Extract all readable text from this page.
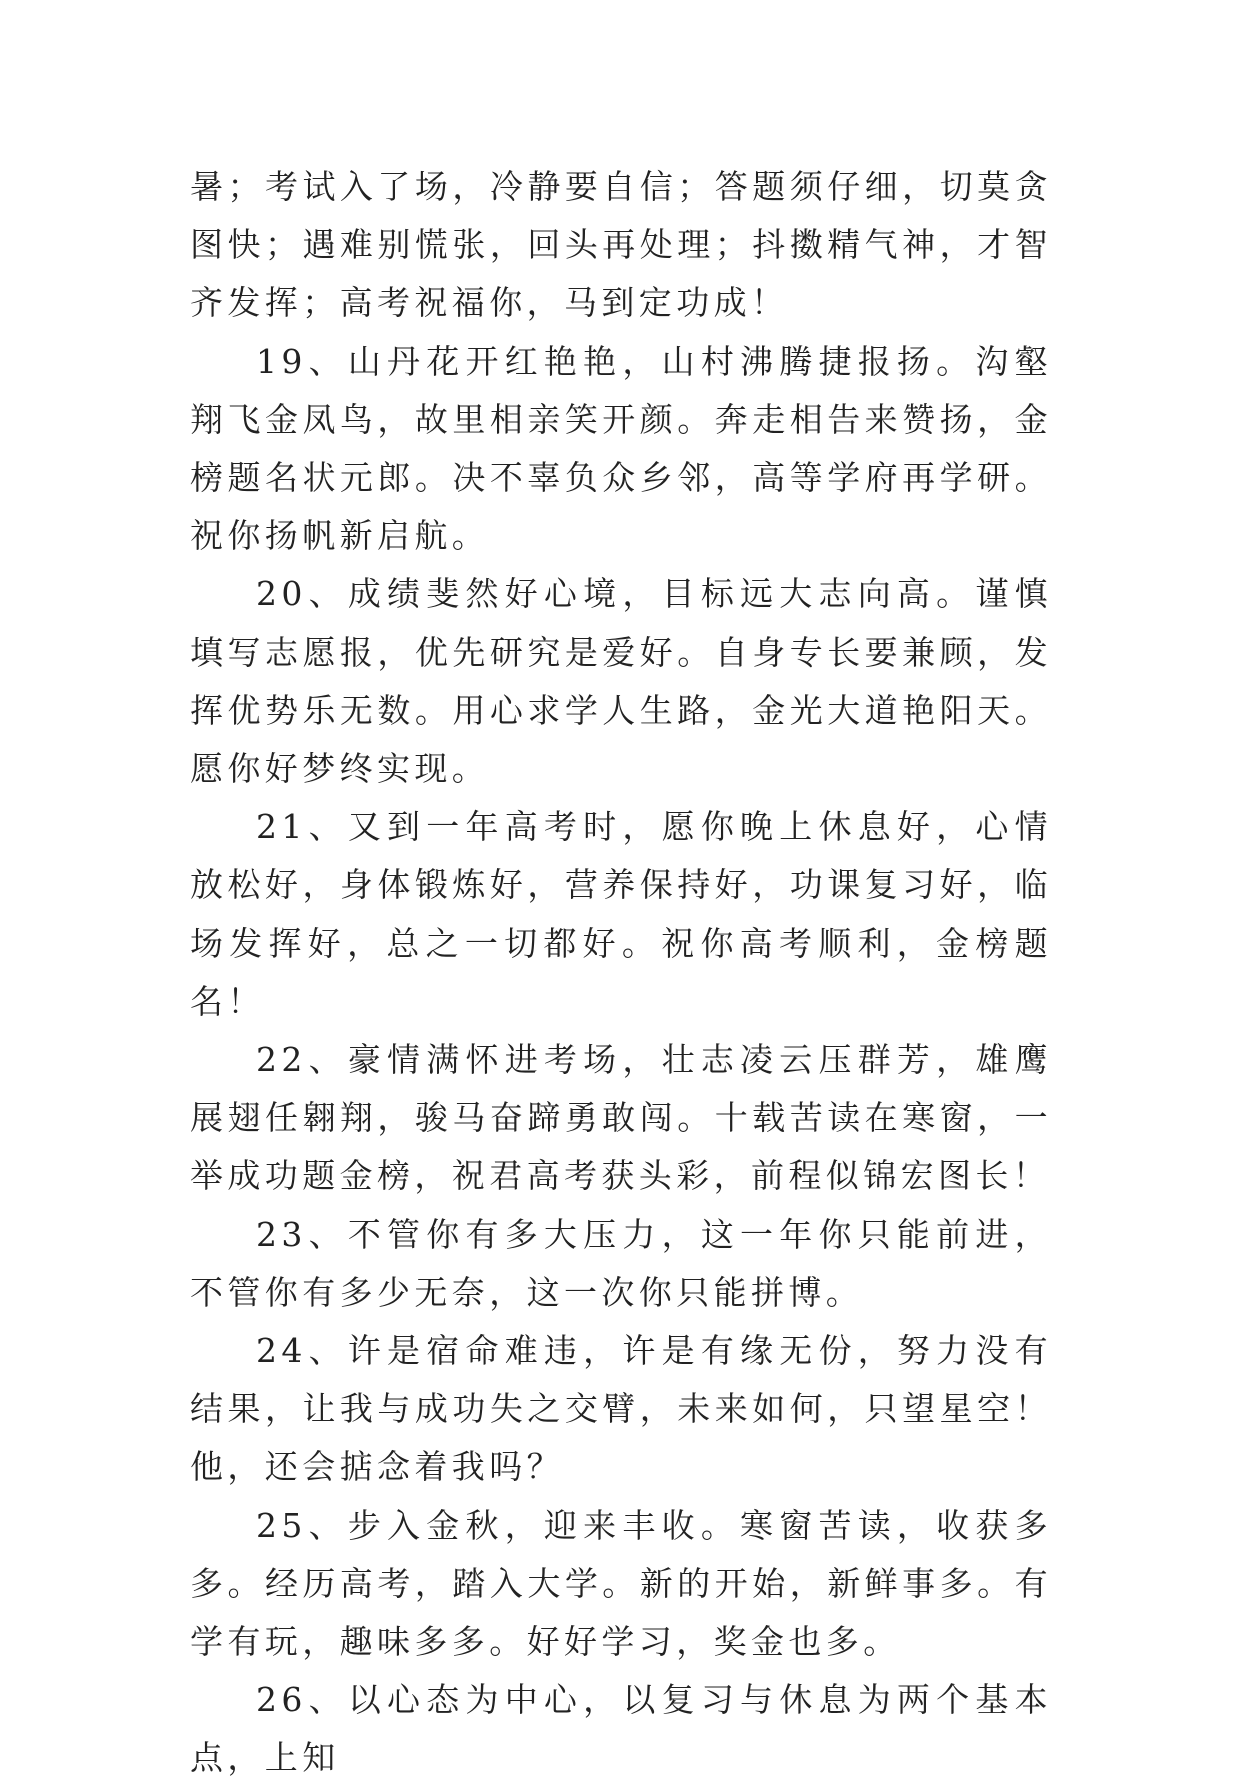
暑；考试入了场，冷静要自信；答题须仔细，切莫贪图快；遇难别慌张，回头再处理；抖擞精气神，才智齐发挥；高考祝福你，马到定功成！

19、山丹花开红艳艳，山村沸腾捷报扬。沟壑翔飞金凤鸟，故里相亲笑开颜。奔走相告来赞扬，金榜题名状元郎。决不辜负众乡邻，高等学府再学研。祝你扬帆新启航。

20、成绩斐然好心境，目标远大志向高。谨慎填写志愿报，优先研究是爱好。自身专长要兼顾，发挥优势乐无数。用心求学人生路，金光大道艳阳天。愿你好梦终实现。

21、又到一年高考时，愿你晚上休息好，心情放松好，身体锻炼好，营养保持好，功课复习好，临场发挥好，总之一切都好。祝你高考顺利，金榜题名！

22、豪情满怀进考场，壮志凌云压群芳，雄鹰展翅任翱翔，骏马奋蹄勇敢闯。十载苦读在寒窗，一举成功题金榜，祝君高考获头彩，前程似锦宏图长！

23、不管你有多大压力，这一年你只能前进，不管你有多少无奈，这一次你只能拼博。

24、许是宿命难违，许是有缘无份，努力没有结果，让我与成功失之交臂，未来如何，只望星空！他，还会掂念着我吗？

25、步入金秋，迎来丰收。寒窗苦读，收获多多。经历高考，踏入大学。新的开始，新鲜事多。有学有玩，趣味多多。好好学习，奖金也多。

26、以心态为中心，以复习与休息为两个基本点，上知
